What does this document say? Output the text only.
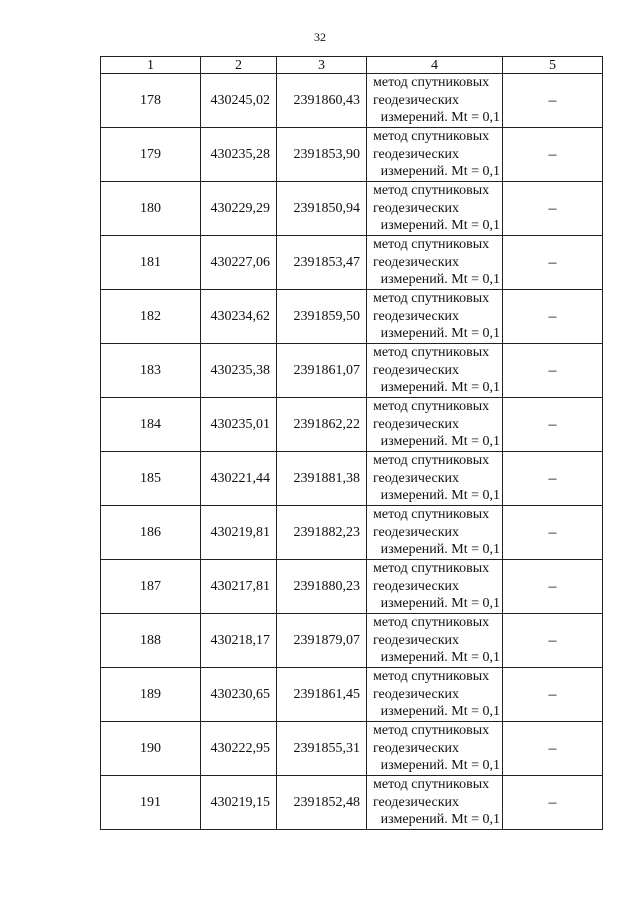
32
1	2	3	4	5
178	430245,02	2391860,43	метод спутниковых
геодезических
измерений. Mt = 0,1	–
179	430235,28	2391853,90	метод спутниковых
геодезических
измерений. Mt = 0,1	–
180	430229,29	2391850,94	метод спутниковых
геодезических
измерений. Mt = 0,1	–
181	430227,06	2391853,47	метод спутниковых
геодезических
измерений. Mt = 0,1	–
182	430234,62	2391859,50	метод спутниковых
геодезических
измерений. Mt = 0,1	–
183	430235,38	2391861,07	метод спутниковых
геодезических
измерений. Mt = 0,1	–
184	430235,01	2391862,22	метод спутниковых
геодезических
измерений. Mt = 0,1	–
185	430221,44	2391881,38	метод спутниковых
геодезических
измерений. Mt = 0,1	–
186	430219,81	2391882,23	метод спутниковых
геодезических
измерений. Mt = 0,1	–
187	430217,81	2391880,23	метод спутниковых
геодезических
измерений. Mt = 0,1	–
188	430218,17	2391879,07	метод спутниковых
геодезических
измерений. Mt = 0,1	–
189	430230,65	2391861,45	метод спутниковых
геодезических
измерений. Mt = 0,1	–
190	430222,95	2391855,31	метод спутниковых
геодезических
измерений. Mt = 0,1	–
191	430219,15	2391852,48	метод спутниковых
геодезических
измерений. Mt = 0,1	–
